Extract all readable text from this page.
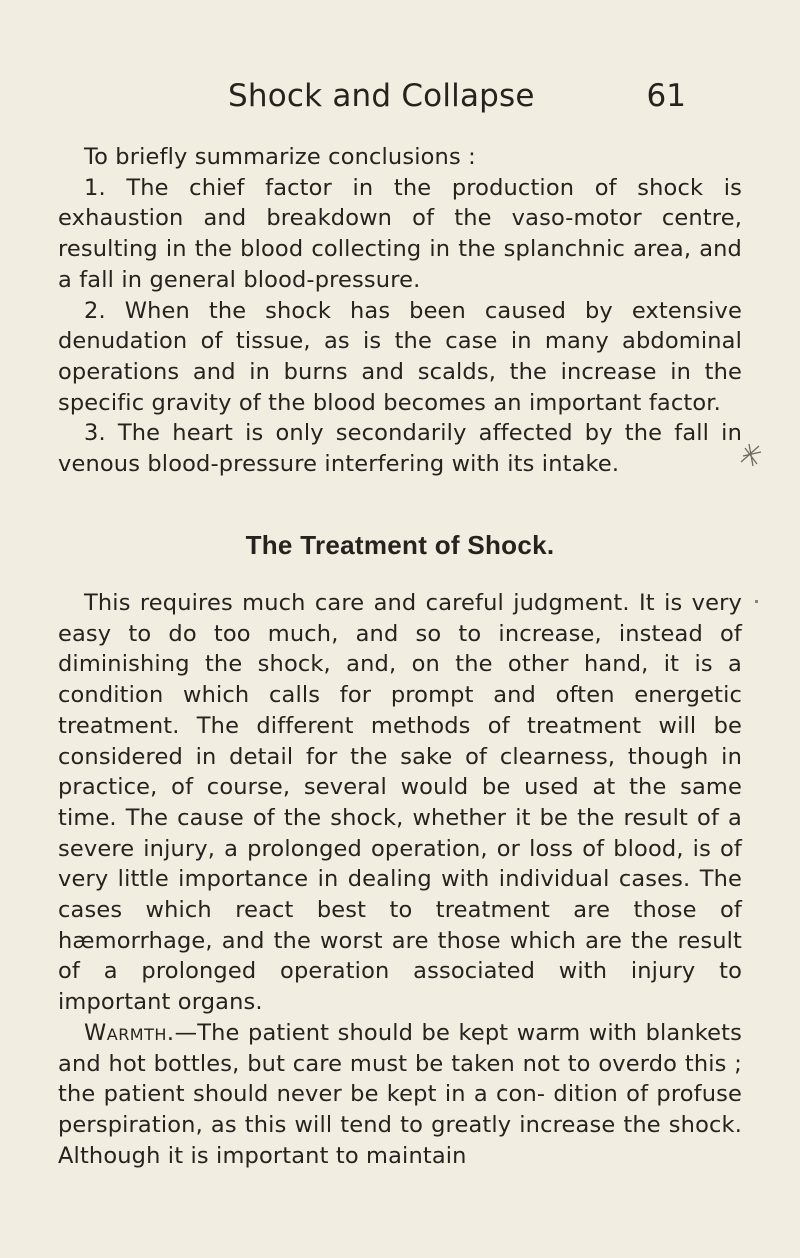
Shock and Collapse	61

To briefly summarize conclusions :

1. The chief factor in the production of shock is exhaustion and breakdown of the vaso-motor centre, resulting in the blood collecting in the splanchnic area, and a fall in general blood-pressure.

2. When the shock has been caused by extensive denudation of tissue, as is the case in many abdominal operations and in burns and scalds, the increase in the specific gravity of the blood becomes an important factor.

3. The heart is only secondarily affected by the fall in venous blood-pressure interfering with its intake.

The Treatment of Shock.

This requires much care and careful judgment. It is very easy to do too much, and so to increase, instead of diminishing the shock, and, on the other hand, it is a condition which calls for prompt and often energetic treatment. The different methods of treatment will be considered in detail for the sake of clearness, though in practice, of course, several would be used at the same time. The cause of the shock, whether it be the result of a severe injury, a prolonged operation, or loss of blood, is of very little importance in dealing with individual cases. The cases which react best to treatment are those of hæmorrhage, and the worst are those which are the result of a prolonged operation associated with injury to important organs.

Warmth.—The patient should be kept warm with blankets and hot bottles, but care must be taken not to overdo this ; the patient should never be kept in a con- dition of profuse perspiration, as this will tend to greatly increase the shock. Although it is important to maintain
